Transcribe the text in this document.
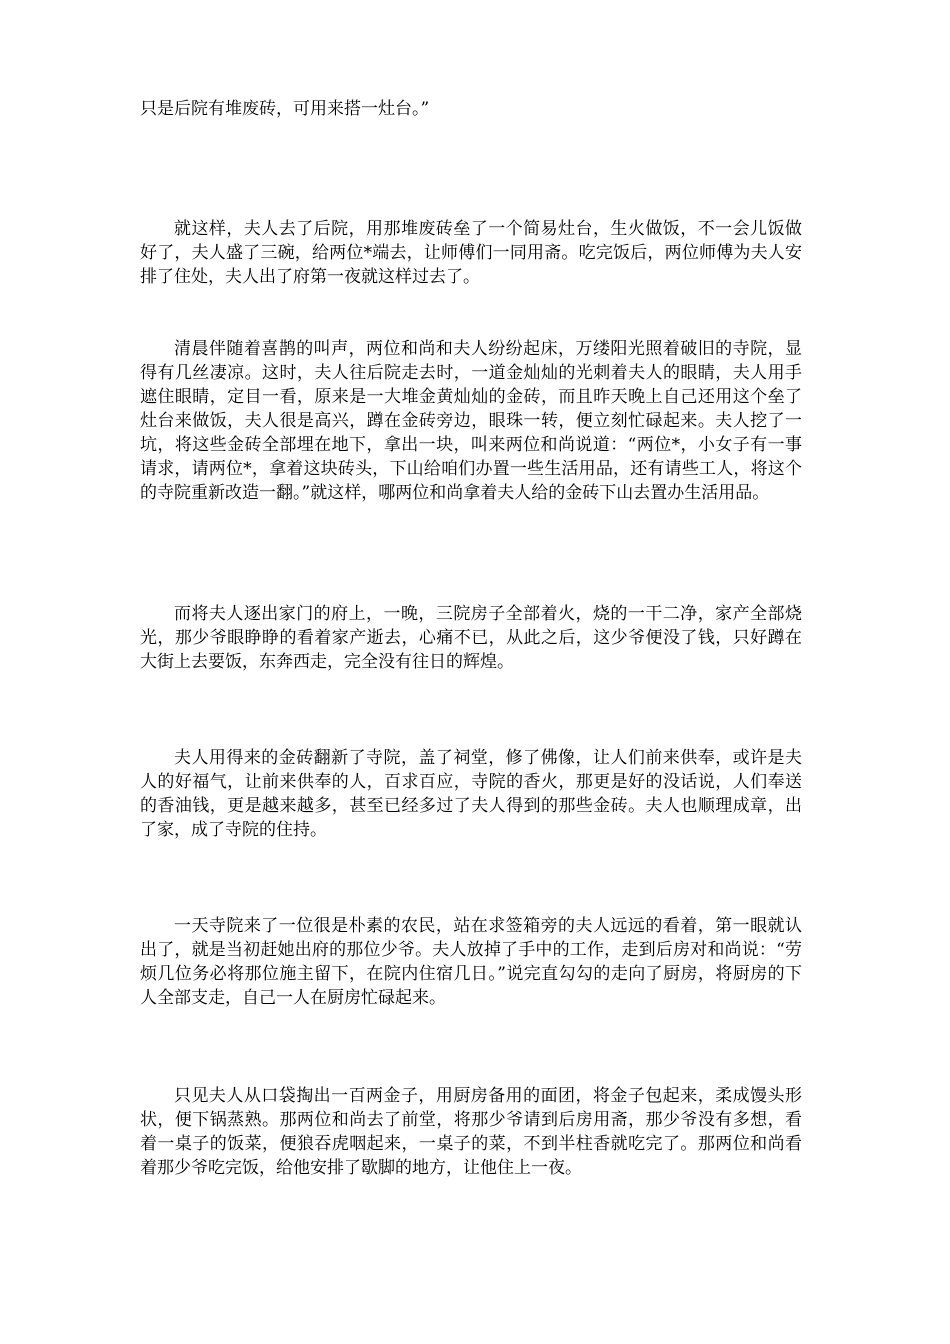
只是后院有堆废砖，可用来搭一灶台。”

就这样，夫人去了后院，用那堆废砖垒了一个简易灶台，生火做饭，不一会儿饭做好了，夫人盛了三碗，给两位*端去，让师傅们一同用斋。吃完饭后，两位师傅为夫人安排了住处，夫人出了府第一夜就这样过去了。

清晨伴随着喜鹊的叫声，两位和尚和夫人纷纷起床，万缕阳光照着破旧的寺院，显得有几丝凄凉。这时，夫人往后院走去时，一道金灿灿的光刺着夫人的眼睛，夫人用手遮住眼睛，定目一看，原来是一大堆金黄灿灿的金砖，而且昨天晚上自己还用这个垒了灶台来做饭，夫人很是高兴，蹲在金砖旁边，眼珠一转，便立刻忙碌起来。夫人挖了一坑，将这些金砖全部埋在地下，拿出一块，叫来两位和尚说道：“两位*，小女子有一事请求，请两位*，拿着这块砖头，下山给咱们办置一些生活用品，还有请些工人，将这个的寺院重新改造一翻。”就这样，哪两位和尚拿着夫人给的金砖下山去置办生活用品。

而将夫人逐出家门的府上，一晚，三院房子全部着火，烧的一干二净，家产全部烧光，那少爷眼睁睁的看着家产逝去，心痛不已，从此之后，这少爷便没了钱，只好蹲在大街上去要饭，东奔西走，完全没有往日的辉煌。

夫人用得来的金砖翻新了寺院，盖了祠堂，修了佛像，让人们前来供奉，或许是夫人的好福气，让前来供奉的人，百求百应，寺院的香火，那更是好的没话说，人们奉送的香油钱，更是越来越多，甚至已经多过了夫人得到的那些金砖。夫人也顺理成章，出了家，成了寺院的住持。

一天寺院来了一位很是朴素的农民，站在求签箱旁的夫人远远的看着，第一眼就认出了，就是当初赶她出府的那位少爷。夫人放掉了手中的工作，走到后房对和尚说：“劳烦几位务必将那位施主留下，在院内住宿几日。”说完直勾勾的走向了厨房，将厨房的下人全部支走，自己一人在厨房忙碌起来。

只见夫人从口袋掏出一百两金子，用厨房备用的面团，将金子包起来，柔成馒头形状，便下锅蒸熟。那两位和尚去了前堂，将那少爷请到后房用斋，那少爷没有多想，看着一桌子的饭菜，便狼吞虎咽起来，一桌子的菜，不到半柱香就吃完了。那两位和尚看着那少爷吃完饭，给他安排了歇脚的地方，让他住上一夜。
